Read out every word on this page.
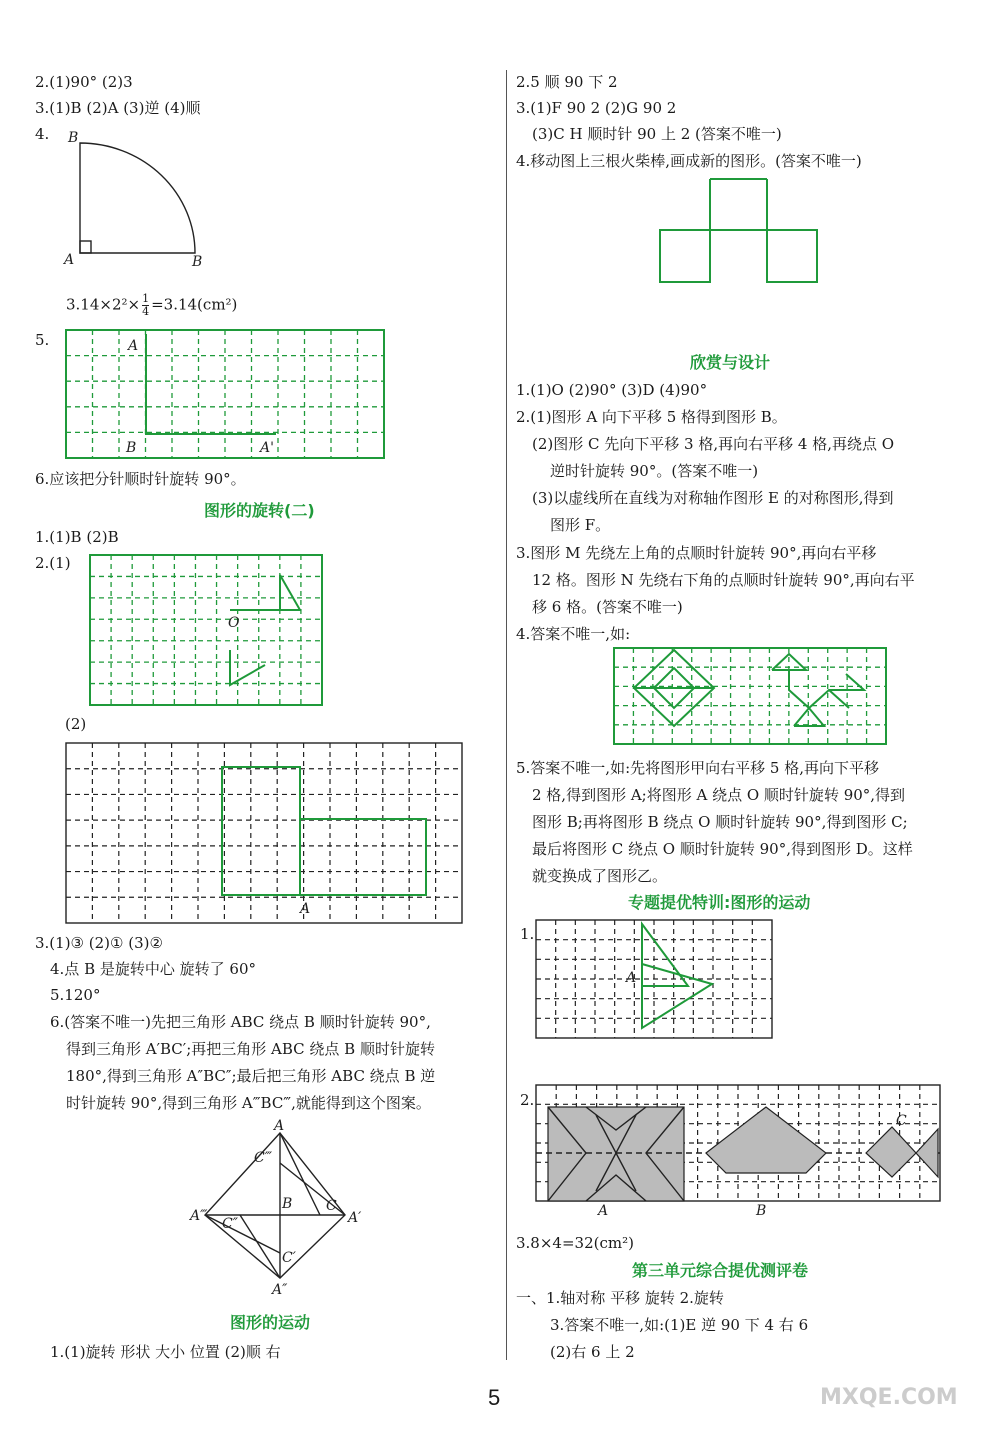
2.(1)90° (2)3
3.(1)B (2)A (3)逆 (4)顺
4. B
A	B
$3.14\times 2^2\times \frac{1}{4} =3.14(cm^2)$
5.	A
B	A'
6.应该把分针顺时针旋转 90°。
图形的旋转(二)
1.(1)B (2)B
2.(1)
O
(2)
A
3.(1)③ (2)① (3)②
4.点 B 是旋转中心 旋转了 60°
5.120°
6.(答案不唯一)先把三角形 ABC 绕点 B 顺时针旋转 90°,
得到三角形 A′BC′;再把三角形 ABC 绕点 B 顺时针旋转
180°,得到三角形 A″BC″;最后把三角形 ABC 绕点 B 逆
时针旋转 90°,得到三角形 A‴BC‴,就能得到这个图案。
A
C‴
A‴ C″
B C
A′
C′
A″
图形的运动
1.(1)旋转 形状 大小 位置 (2)顺 右
2.5 顺 90 下 2
3.(1)F 90 2 (2)G 90 2
(3)C H 顺时针 90 上 2 (答案不唯一)
4.移动图上三根火柴棒,画成新的图形。(答案不唯一)
欣赏与设计
1.(1)O (2)90° (3)D (4)90°
2.(1)图形 A 向下平移 5 格得到图形 B。
(2)图形 C 先向下平移 3 格,再向右平移 4 格,再绕点 O
逆时针旋转 90°。(答案不唯一)
(3)以虚线所在直线为对称轴作图形 E 的对称图形,得到
图形 F。
3.图形 M 先绕左上角的点顺时针旋转 90°,再向右平移
12 格。图形 N 先绕右下角的点顺时针旋转 90°,再向右平
移 6 格。(答案不唯一)
4.答案不唯一,如:
5.答案不唯一,如:先将图形甲向右平移 5 格,再向下平移
2 格,得到图形 A;将图形 A 绕点 O 顺时针旋转 90°,得到
图形 B;再将图形 B 绕点 O 顺时针旋转 90°,得到图形 C;
最后将图形 C 绕点 O 顺时针旋转 90°,得到图形 D。这样
就变换成了图形乙。
专题提优特训:图形的运动
1.
A
2.
A	B
C
3.8×4=32(cm²)
第三单元综合提优测评卷
一、1.轴对称 平移 旋转 2.旋转
3.答案不唯一,如:(1)E 逆 90 下 4 右 6
(2)右 6 上 2
5	MXQE.COM
